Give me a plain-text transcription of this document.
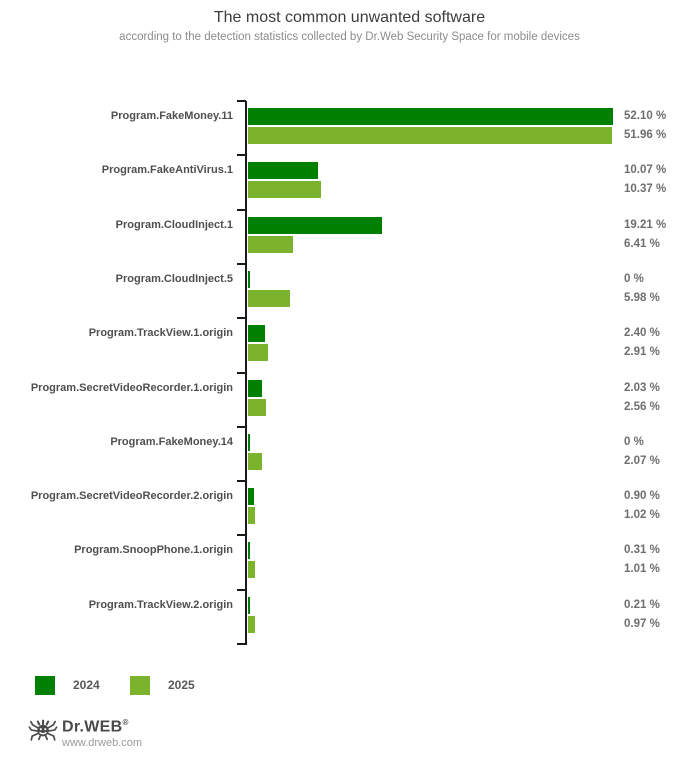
The most common unwanted software
according to the detection statistics collected by Dr.Web Security Space for mobile devices
Program.FakeMoney.11	52.10 %
51.96 %
Program.FakeAntiVirus.1	10.07 %
10.37 %
Program.CloudInject.1	19.21 %
6.41 %
Program.CloudInject.5	0 %
5.98 %
Program.TrackView.1.origin	2.40 %
2.91 %
Program.SecretVideoRecorder.1.origin	2.03 %
2.56 %
Program.FakeMoney.14	0 %
2.07 %
Program.SecretVideoRecorder.2.origin	0.90 %
1.02 %
Program.SnoopPhone.1.origin	0.31 %
1.01 %
Program.TrackView.2.origin	0.21 %
0.97 %
2024	2025
Dr.WEB®
www.drweb.com
